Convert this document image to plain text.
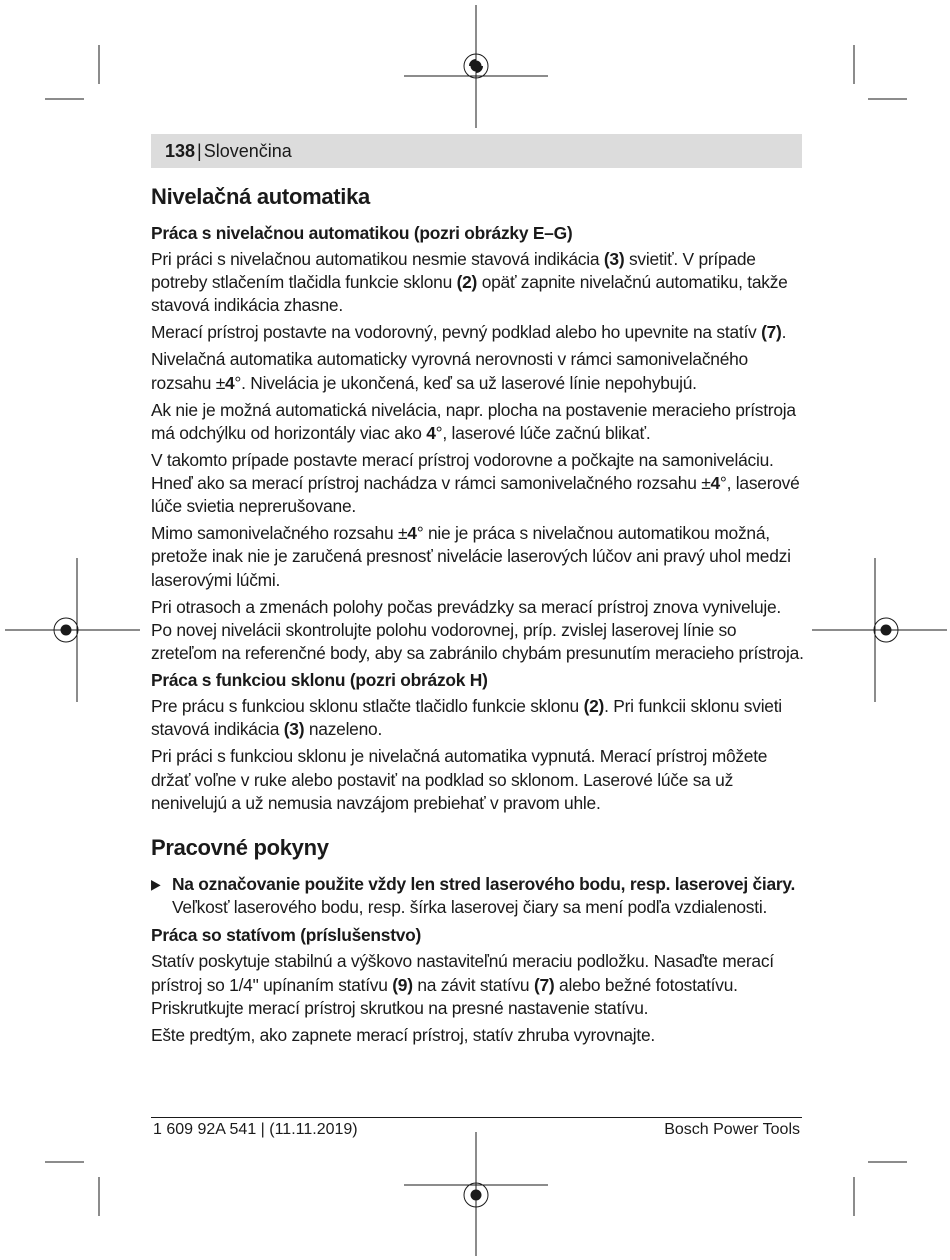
138 | Slovenčina
Nivelačná automatika
Práca s nivelačnou automatikou (pozri obrázky E–G)

Pri práci s nivelačnou automatikou nesmie stavová indikácia (3) svietiť. V prípade potreby stlačením tlačidla funkcie sklonu (2) opäť zapnite nivelačnú automatiku, takže stavová indikácia zhasne.

Merací prístroj postavte na vodorovný, pevný podklad alebo ho upevnite na statív (7).

Nivelačná automatika automaticky vyrovná nerovnosti v rámci samonivelačného rozsahu ±4°. Nivelácia je ukončená, keď sa už laserové línie nepohybujú.

Ak nie je možná automatická nivelácia, napr. plocha na postavenie meracieho prístroja má odchýlku od horizontály viac ako 4°, laserové lúče začnú blikať.

V takomto prípade postavte merací prístroj vodorovne a počkajte na samoniveláciu. Hneď ako sa merací prístroj nachádza v rámci samonivelačného rozsahu ±4°, laserové lúče svietia neprerušovane.

Mimo samonivelačného rozsahu ±4° nie je práca s nivelačnou automatikou možná, pretože inak nie je zaručená presnosť nivelácie laserových lúčov ani pravý uhol medzi laserovými lúčmi.

Pri otrasoch a zmenách polohy počas prevádzky sa merací prístroj znova vyniveluje. Po novej nivelácii skontrolujte polohu vodorovnej, príp. zvislej laserovej línie so zreteľom na referenčné body, aby sa zabránilo chybám presunutím meracieho prístroja.

Práca s funkciou sklonu (pozri obrázok H)

Pre prácu s funkciou sklonu stlačte tlačidlo funkcie sklonu (2). Pri funkcii sklonu svieti stavová indikácia (3) nazeleno.

Pri práci s funkciou sklonu je nivelačná automatika vypnutá. Merací prístroj môžete držať voľne v ruke alebo postaviť na podklad so sklonom. Laserové lúče sa už nenivelujú a už nemusia navzájom prebiehať v pravom uhle.

Pracovné pokyny
▶ Na označovanie použite vždy len stred laserového bodu, resp. laserovej čiary.
Veľkosť laserového bodu, resp. šírka laserovej čiary sa mení podľa vzdialenosti.
Práca so statívom (príslušenstvo)

Statív poskytuje stabilnú a výškovo nastaviteľnú meraciu podložku. Nasaďte merací prístroj so 1/4" upínaním statívu (9) na závit statívu (7) alebo bežné fotostatívu. Priskrutkujte merací prístroj skrutkou na presné nastavenie statívu.

Ešte predtým, ako zapnete merací prístroj, statív zhruba vyrovnajte.

1 609 92A 541 | (11.11.2019)	Bosch Power Tools
